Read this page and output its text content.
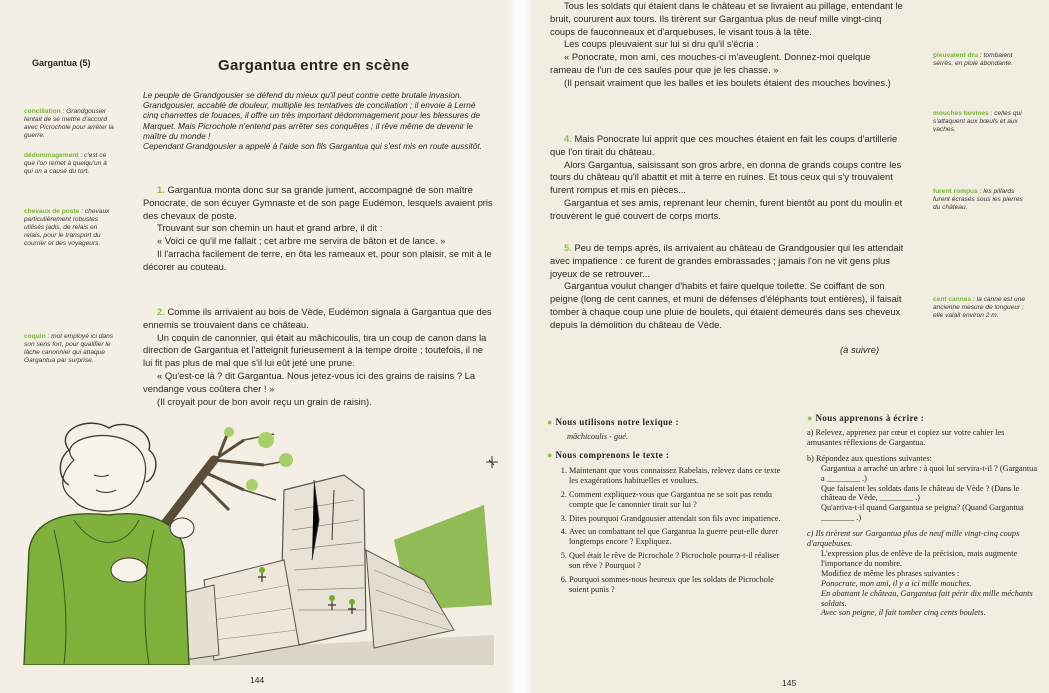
Gargantua (5)	Gargantua entre en scène
Le peuple de Grandgousier se défend du mieux qu'il peut contre cette brutale invasion. Grandgousier, accablé de douleur, multiplie les tentatives de conciliation ; il envoie à Lerné cinq charrettes de fouaces, il offre un très important dédommagement pour les blessures de Marquet. Mais Picrochole n'entend pas arrêter ses conquêtes ; il rêve même de devenir le maître du monde !
Cependant Grandgousier a appelé à l'aide son fils Gargantua qui s'est mis en route aussitôt.
conciliation : Grandgousier tentait de se mettre d'accord avec Picrochole pour arrêter la guerre.
dédommagement : c'est ce que l'on remet à quelqu'un à qui on a causé du tort.
chevaux de poste : chevaux particulièrement robustes utilisés jadis, de relais en relais, pour le transport du courrier et des voyageurs.
coquin : mot employé ici dans son sens fort, pour qualifier le lâche canonnier qui attaque Gargantua par surprise.

1. Gargantua monta donc sur sa grande jument, accompagné de son maître Ponocrate, de son écuyer Gymnaste et de son page Eudémon, lesquels avaient pris des chevaux de poste.

Trouvant sur son chemin un haut et grand arbre, il dit :

« Voici ce qu'il me fallait ; cet arbre me servira de bâton et de lance. »

Il l'arracha facilement de terre, en ôta les rameaux et, pour son plaisir, se mit à le décorer au couteau.

2. Comme ils arrivaient au bois de Vède, Eudémon signala à Gargantua que des ennemis se trouvaient dans ce château.

Un coquin de canonnier, qui était au mâchicoulis, tira un coup de canon dans la direction de Gargantua et l'atteignit furieusement à la tempe droite ; toutefois, il ne lui fit pas plus de mal que s'il lui eût jeté une prune.

« Qu'est-ce là ? dit Gargantua. Nous jetez-vous ici des grains de raisins ? La vendange vous coûtera cher ! »

(Il croyait pour de bon avoir reçu un grain de raisin).

144

Tous les soldats qui étaient dans le château et se livraient au pillage, entendant le bruit, coururent aux tours. Ils tirèrent sur Gargantua plus de neuf mille vingt-cinq coups de fauconneaux et d'arquebuses, le visant tous à la tête.

Les coups pleuvaient sur lui si dru qu'il s'écria :

« Ponocrate, mon ami, ces mouches-ci m'aveuglent. Donnez-moi quelque rameau de l'un de ces saules pour que je les chasse. »

(Il pensait vraiment que les balles et les boulets étaient des mouches bovines.)

4. Mais Ponocrate lui apprit que ces mouches étaient en fait les coups d'artillerie que l'on tirait du château.

Alors Gargantua, saisissant son gros arbre, en donna de grands coups contre les tours du château qu'il abattit et mit à terre en ruines. Et tous ceux qui s'y trouvaient furent rompus et mis en pièces...

Gargantua et ses amis, reprenant leur chemin, furent bientôt au pont du moulin et trouvèrent le gué couvert de corps morts.

5. Peu de temps après, ils arrivaient au château de Grandgousier qui les attendait avec impatience : ce furent de grandes embrassades ; jamais l'on ne vit gens plus joyeux de se retrouver...

Gargantua voulut changer d'habits et faire quelque toilette. Se coiffant de son peigne (long de cent cannes, et muni de défenses d'éléphants tout entières), il faisait tomber à chaque coup une pluie de boulets, qui étaient demeurés dans ses cheveux depuis la démolition du château de Vède.

(à suivre)
pleuvaient dru : tombaient serrés, en pluie abondante.
mouches bovines : celles qui s'attaquent aux bœufs et aux vaches.
furent rompus : les pillards furent écrasés sous les pierres du château.
cent cannes : la canne est une ancienne mesure de longueur ; elle valait environ 2 m.
● Nous utilisons notre lexique :
mâchicoulis - gué.
● Nous comprenons le texte :
1. Maintenant que vous connaissez Rabelais, relevez dans ce texte les exagérations habituelles et voulues.
2. Comment expliquez-vous que Gargantua ne se soit pas rendu compte que le canonnier tirait sur lui ?
3. Dites pourquoi Grandgousier attendait son fils avec impatience.
4. Avec un combattant tel que Gargantua la guerre peut-elle durer longtemps encore ? Expliquez.
5. Quel était le rêve de Picrochole ? Picrochole pourra-t-il réaliser son rêve ? Pourquoi ?
6. Pourquoi sommes-nous heureux que les soldats de Picrochole soient punis ?
● Nous apprenons à écrire :
a) Relevez, apprenez par cœur et copiez sur votre cahier les amusantes réflexions de Gargantua.
b) Répondez aux questions suivantes:
Gargantua a arraché un arbre : à quoi lui servira-t-il ? (Gargantua a ________ .)
Que faisaient les soldats dans le château de Vède ? (Dans le château de Vède, ________ .)
Qu'arriva-t-il quand Gargantua se peigna? (Quand Gargantua ________ .)
c) Ils tirèrent sur Gargantua plus de neuf mille vingt-cinq coups d'arquebuses.
L'expression plus de enlève de la précision, mais augmente l'importance du nombre.
Modifiez de même les phrases suivantes :
Ponocrate, mon ami, il y a ici mille mouches.
En abattant le château, Gargantua fait périr dix mille méchants soldats.
Avec son peigne, il fait tomber cinq cents boulets.
145
